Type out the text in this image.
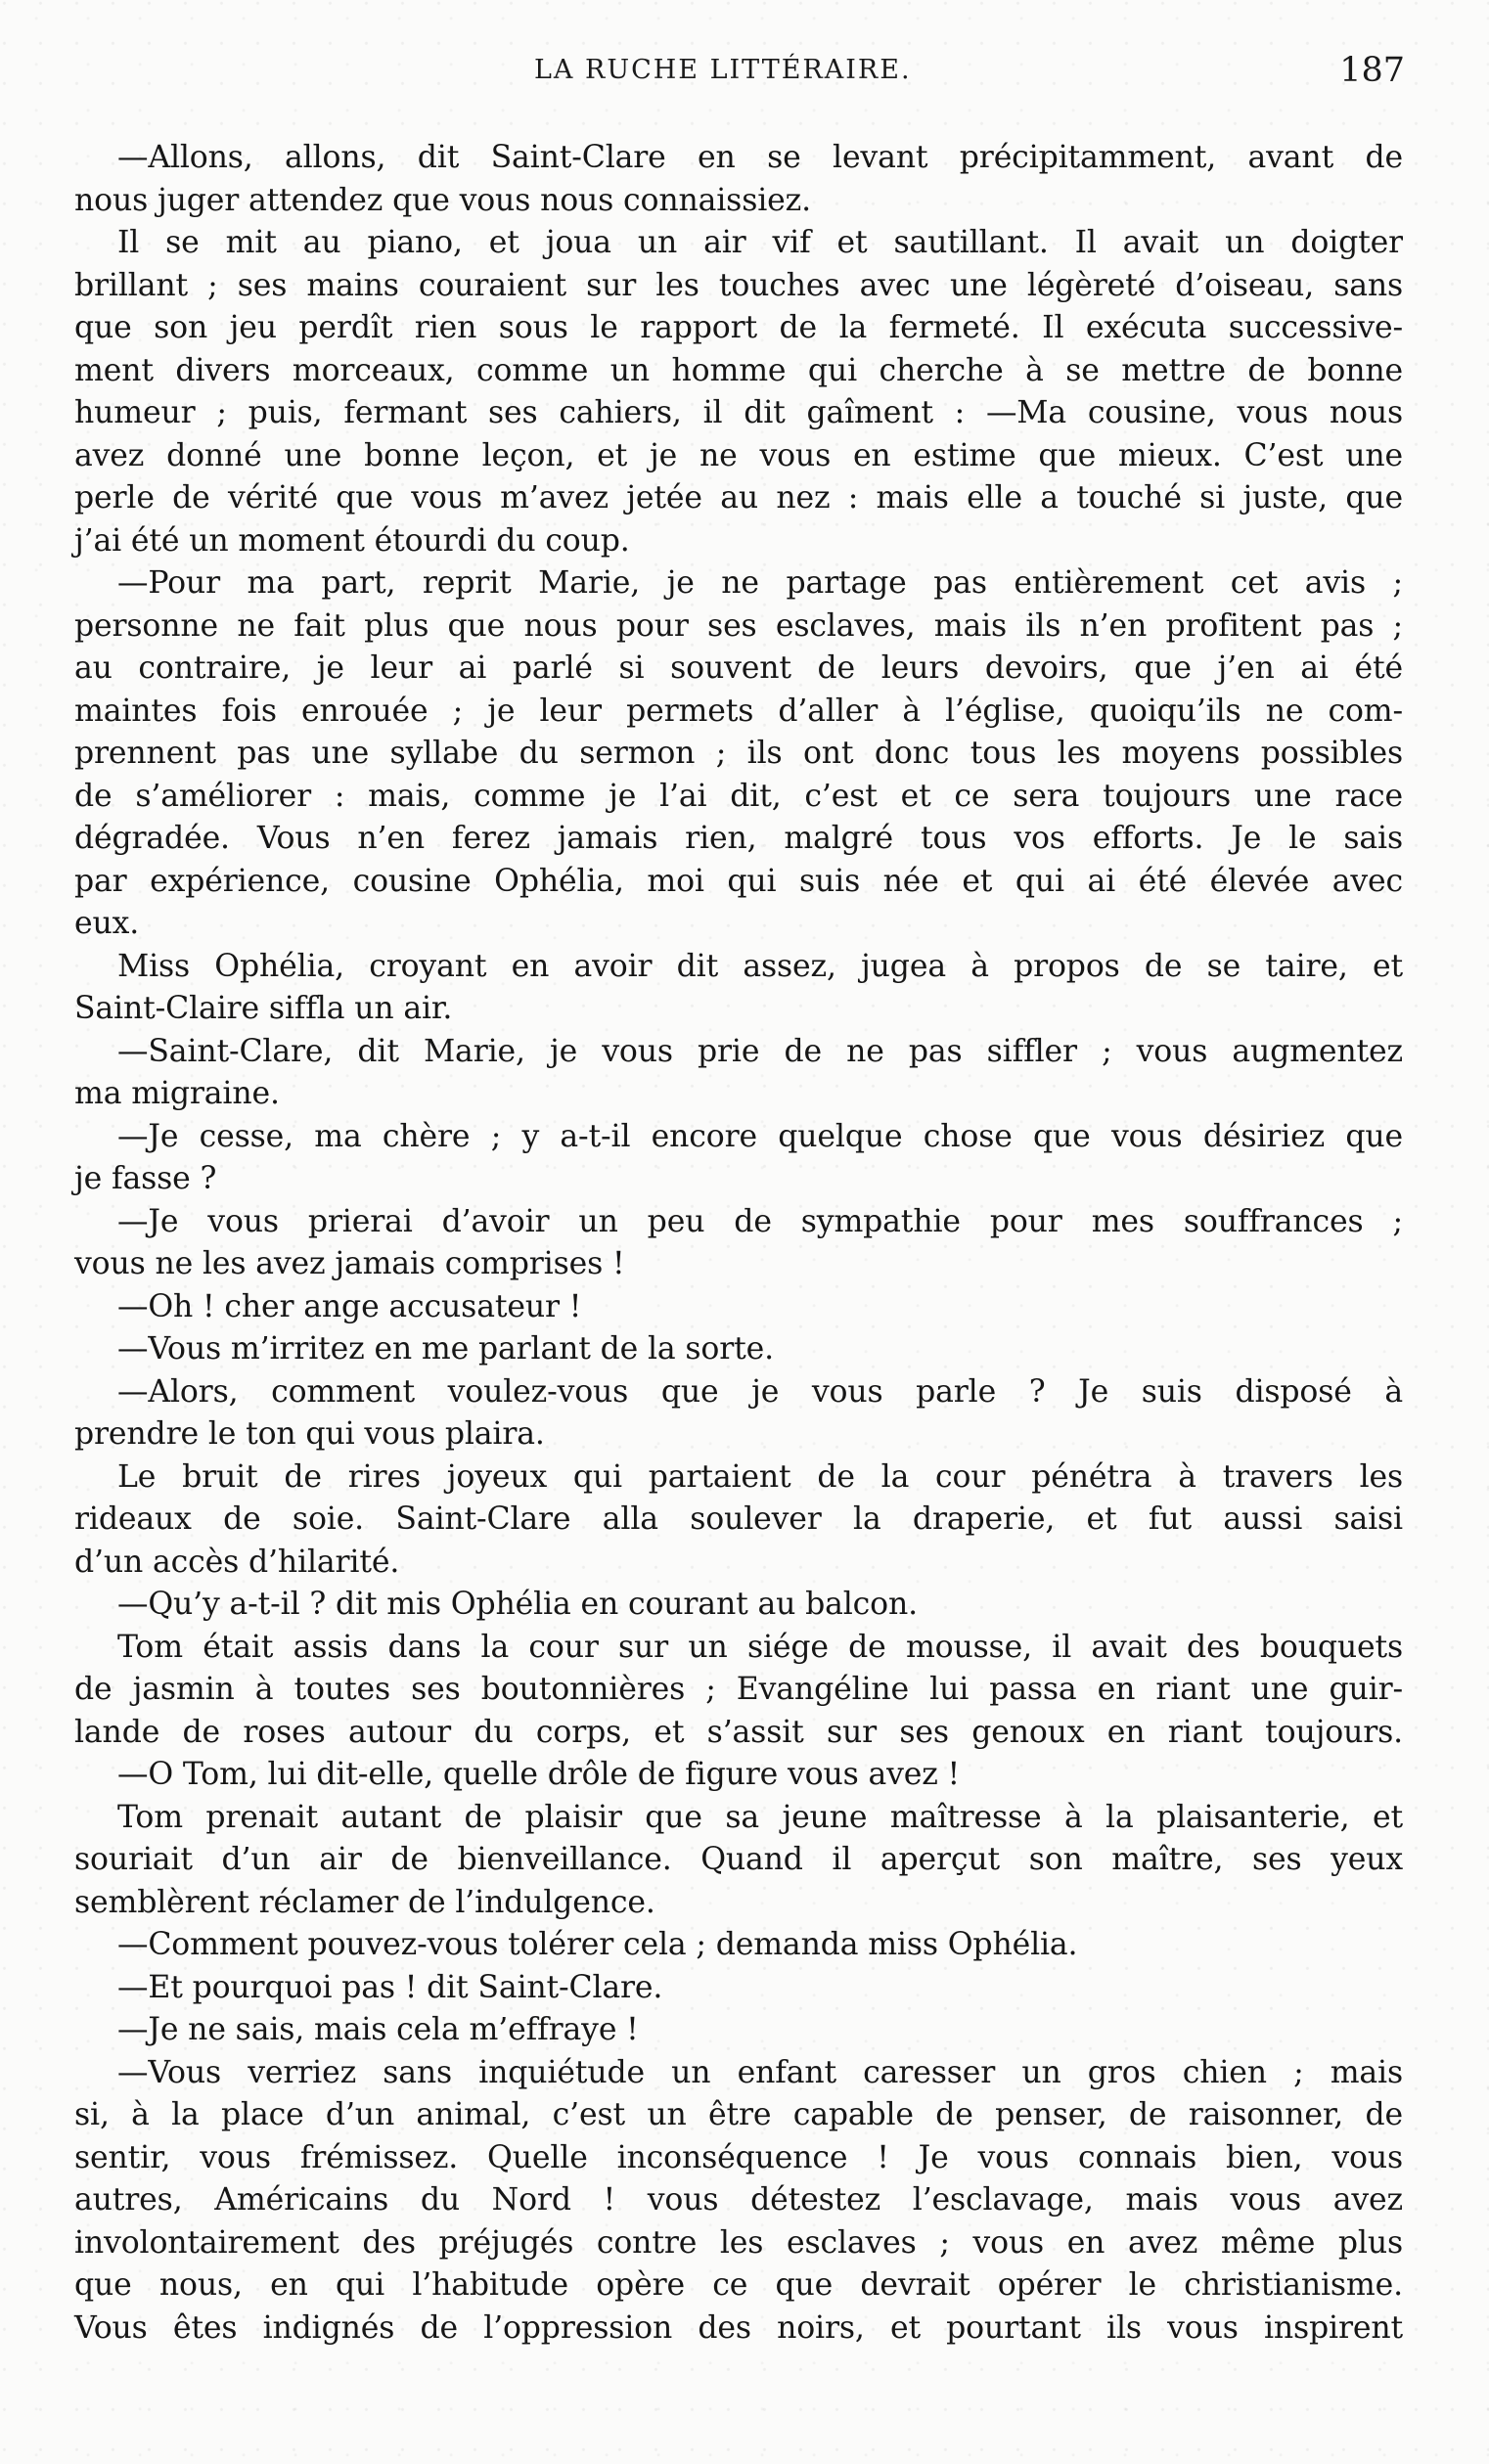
LA RUCHE LITTÉRAIRE.	187
—Allons, allons, dit Saint-Clare en se levant précipitamment, avant de
nous juger attendez que vous nous connaissiez.
Il se mit au piano, et joua un air vif et sautillant. Il avait un doigter
brillant ; ses mains couraient sur les touches avec une légèreté d’oiseau, sans
que son jeu perdît rien sous le rapport de la fermeté. Il exécuta successive-
ment divers morceaux, comme un homme qui cherche à se mettre de bonne
humeur ; puis, fermant ses cahiers, il dit gaîment : —Ma cousine, vous nous
avez donné une bonne leçon, et je ne vous en estime que mieux. C’est une
perle de vérité que vous m’avez jetée au nez : mais elle a touché si juste, que
j’ai été un moment étourdi du coup.
—Pour ma part, reprit Marie, je ne partage pas entièrement cet avis ;
personne ne fait plus que nous pour ses esclaves, mais ils n’en profitent pas ;
au contraire, je leur ai parlé si souvent de leurs devoirs, que j’en ai été
maintes fois enrouée ; je leur permets d’aller à l’église, quoiqu’ils ne com-
prennent pas une syllabe du sermon ; ils ont donc tous les moyens possibles
de s’améliorer : mais, comme je l’ai dit, c’est et ce sera toujours une race
dégradée. Vous n’en ferez jamais rien, malgré tous vos efforts. Je le sais
par expérience, cousine Ophélia, moi qui suis née et qui ai été élevée avec
eux.
Miss Ophélia, croyant en avoir dit assez, jugea à propos de se taire, et
Saint-Claire siffla un air.
—Saint-Clare, dit Marie, je vous prie de ne pas siffler ; vous augmentez
ma migraine.
—Je cesse, ma chère ; y a-t-il encore quelque chose que vous désiriez que
je fasse ?
—Je vous prierai d’avoir un peu de sympathie pour mes souffrances ;
vous ne les avez jamais comprises !
—Oh ! cher ange accusateur !
—Vous m’irritez en me parlant de la sorte.
—Alors, comment voulez-vous que je vous parle ? Je suis disposé à
prendre le ton qui vous plaira.
Le bruit de rires joyeux qui partaient de la cour pénétra à travers les
rideaux de soie. Saint-Clare alla soulever la draperie, et fut aussi saisi
d’un accès d’hilarité.
—Qu’y a-t-il ? dit mis Ophélia en courant au balcon.
Tom était assis dans la cour sur un siége de mousse, il avait des bouquets
de jasmin à toutes ses boutonnières ; Evangéline lui passa en riant une guir-
lande de roses autour du corps, et s’assit sur ses genoux en riant toujours.
—O Tom, lui dit-elle, quelle drôle de figure vous avez !
Tom prenait autant de plaisir que sa jeune maîtresse à la plaisanterie, et
souriait d’un air de bienveillance. Quand il aperçut son maître, ses yeux
semblèrent réclamer de l’indulgence.
—Comment pouvez-vous tolérer cela ; demanda miss Ophélia.
—Et pourquoi pas ! dit Saint-Clare.
—Je ne sais, mais cela m’effraye !
—Vous verriez sans inquiétude un enfant caresser un gros chien ; mais
si, à la place d’un animal, c’est un être capable de penser, de raisonner, de
sentir, vous frémissez. Quelle inconséquence ! Je vous connais bien, vous
autres, Américains du Nord ! vous détestez l’esclavage, mais vous avez
involontairement des préjugés contre les esclaves ; vous en avez même plus
que nous, en qui l’habitude opère ce que devrait opérer le christianisme.
Vous êtes indignés de l’oppression des noirs, et pourtant ils vous inspirent
